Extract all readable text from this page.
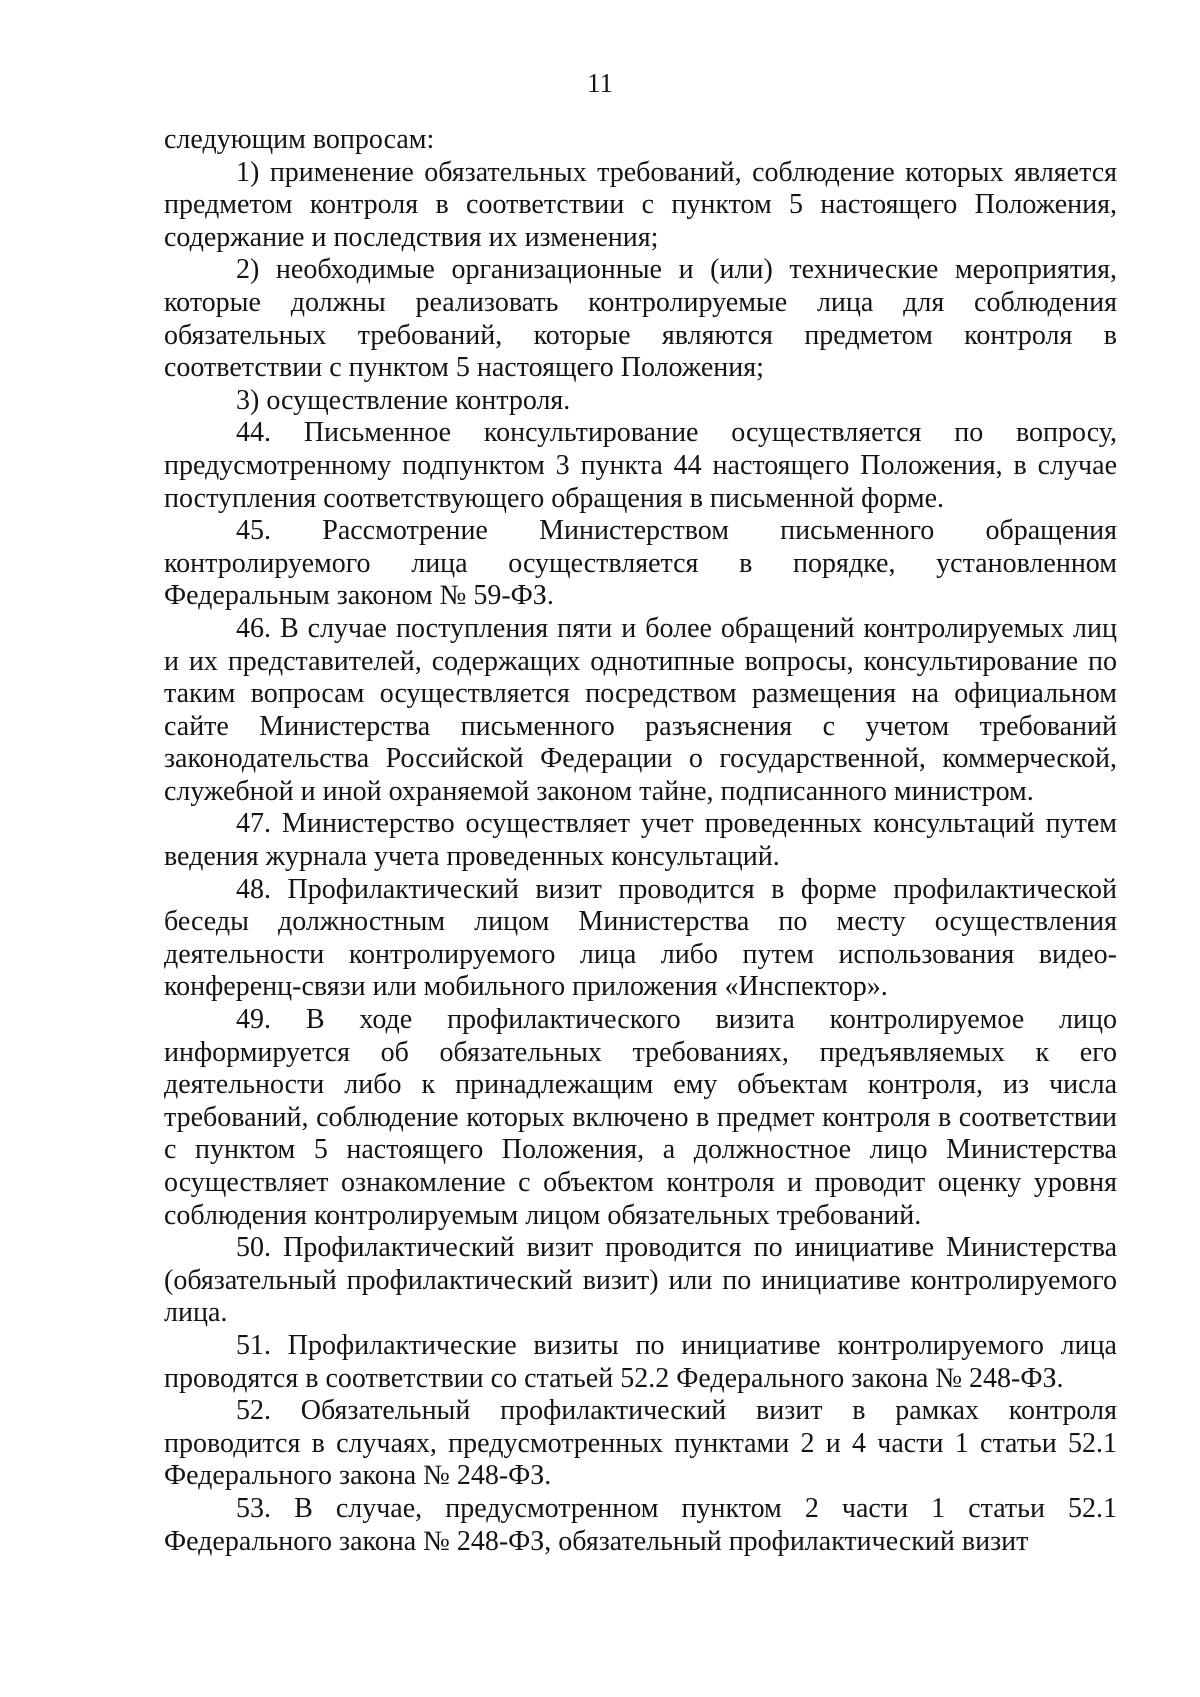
11

следующим вопросам:

1) применение обязательных требований, соблюдение которых является предметом контроля в соответствии с пунктом 5 настоящего Положения, содержание и последствия их изменения;

2) необходимые организационные и (или) технические мероприятия, которые должны реализовать контролируемые лица для соблюдения обязательных требований, которые являются предметом контроля в соответствии с пунктом 5 настоящего Положения;

3) осуществление контроля.

44. Письменное консультирование осуществляется по вопросу, предусмотренному подпунктом 3 пункта 44 настоящего Положения, в случае поступления соответствующего обращения в письменной форме.

45. Рассмотрение Министерством письменного обращения контролируемого лица осуществляется в порядке, установленном Федеральным законом № 59-ФЗ.

46. В случае поступления пяти и более обращений контролируемых лиц и их представителей, содержащих однотипные вопросы, консультирование по таким вопросам осуществляется посредством размещения на официальном сайте Министерства письменного разъяснения с учетом требований законодательства Российской Федерации о государственной, коммерческой, служебной и иной охраняемой законом тайне, подписанного министром.

47. Министерство осуществляет учет проведенных консультаций путем ведения журнала учета проведенных консультаций.

48. Профилактический визит проводится в форме профилактической беседы должностным лицом Министерства по месту осуществления деятельности контролируемого лица либо путем использования видео-конференц-связи или мобильного приложения «Инспектор».

49. В ходе профилактического визита контролируемое лицо информируется об обязательных требованиях, предъявляемых к его деятельности либо к принадлежащим ему объектам контроля, из числа требований, соблюдение которых включено в предмет контроля в соответствии с пунктом 5 настоящего Положения, а должностное лицо Министерства осуществляет ознакомление с объектом контроля и проводит оценку уровня соблюдения контролируемым лицом обязательных требований.

50. Профилактический визит проводится по инициативе Министерства (обязательный профилактический визит) или по инициативе контролируемого лица.

51. Профилактические визиты по инициативе контролируемого лица проводятся в соответствии со статьей 52.2 Федерального закона № 248-ФЗ.

52. Обязательный профилактический визит в рамках контроля проводится в случаях, предусмотренных пунктами 2 и 4 части 1 статьи 52.1 Федерального закона № 248-ФЗ.

53. В случае, предусмотренном пунктом 2 части 1 статьи 52.1 Федерального закона № 248-ФЗ, обязательный профилактический визит
